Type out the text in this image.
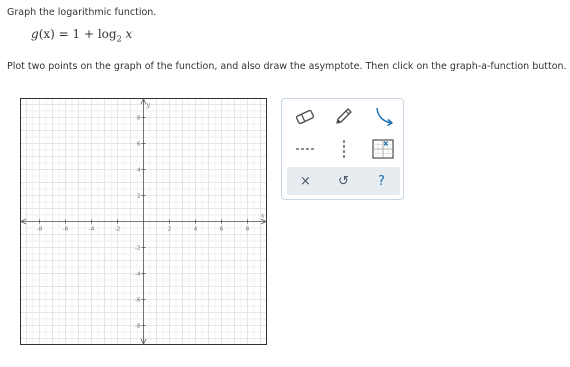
Graph the logarithmic function.
$g(x) = 1 + \log_2 x$
Plot two points on the graph of the function, and also draw the asymptote. Then click on the graph-a-function button.
-8	-6	-4	-2	2	4	6	8
8
6
4
2
-2
-4
-6
-8
x
y
×	↺	?
